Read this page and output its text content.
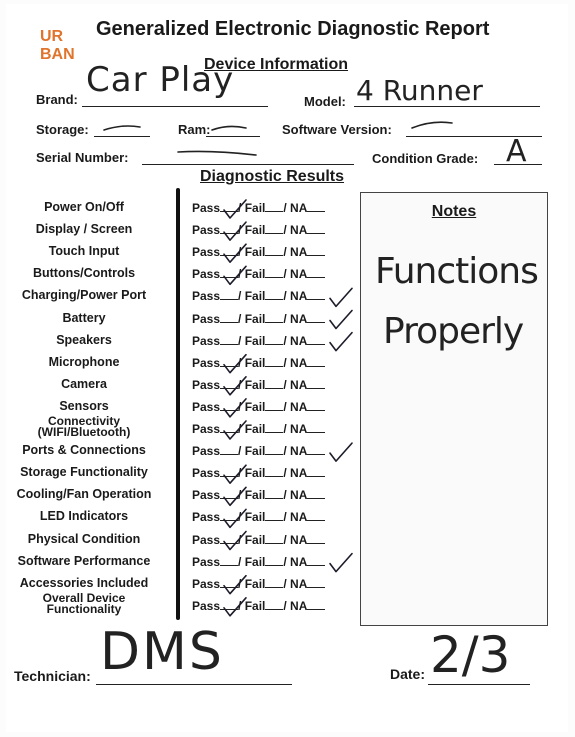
UR
BAN
Generalized Electronic Diagnostic Report
Device Information
Brand: Car Play
Model: 4 Runner
Storage:	Ram:	Software Version:
Serial Number:	Condition Grade: A
Diagnostic Results
Power On/Off	Pass / Fail / NA
Display / Screen	Pass / Fail / NA
Touch Input	Pass / Fail / NA
Buttons/Controls	Pass / Fail / NA
Charging/Power Port	Pass / Fail / NA
Battery	Pass / Fail / NA
Speakers	Pass / Fail / NA
Microphone	Pass / Fail / NA
Camera	Pass / Fail / NA
Sensors	Pass / Fail / NA
Connectivity
(WIFI/Bluetooth)	Pass / Fail / NA
Ports & Connections	Pass / Fail / NA
Storage Functionality	Pass / Fail / NA
Cooling/Fan Operation	Pass / Fail / NA
LED Indicators	Pass / Fail / NA
Physical Condition	Pass / Fail / NA
Software Performance	Pass / Fail / NA
Accessories Included	Pass / Fail / NA
Overall Device
Functionality	Pass / Fail / NA
Notes
Functions
Properly
Technician: DMS	Date: 2/3
